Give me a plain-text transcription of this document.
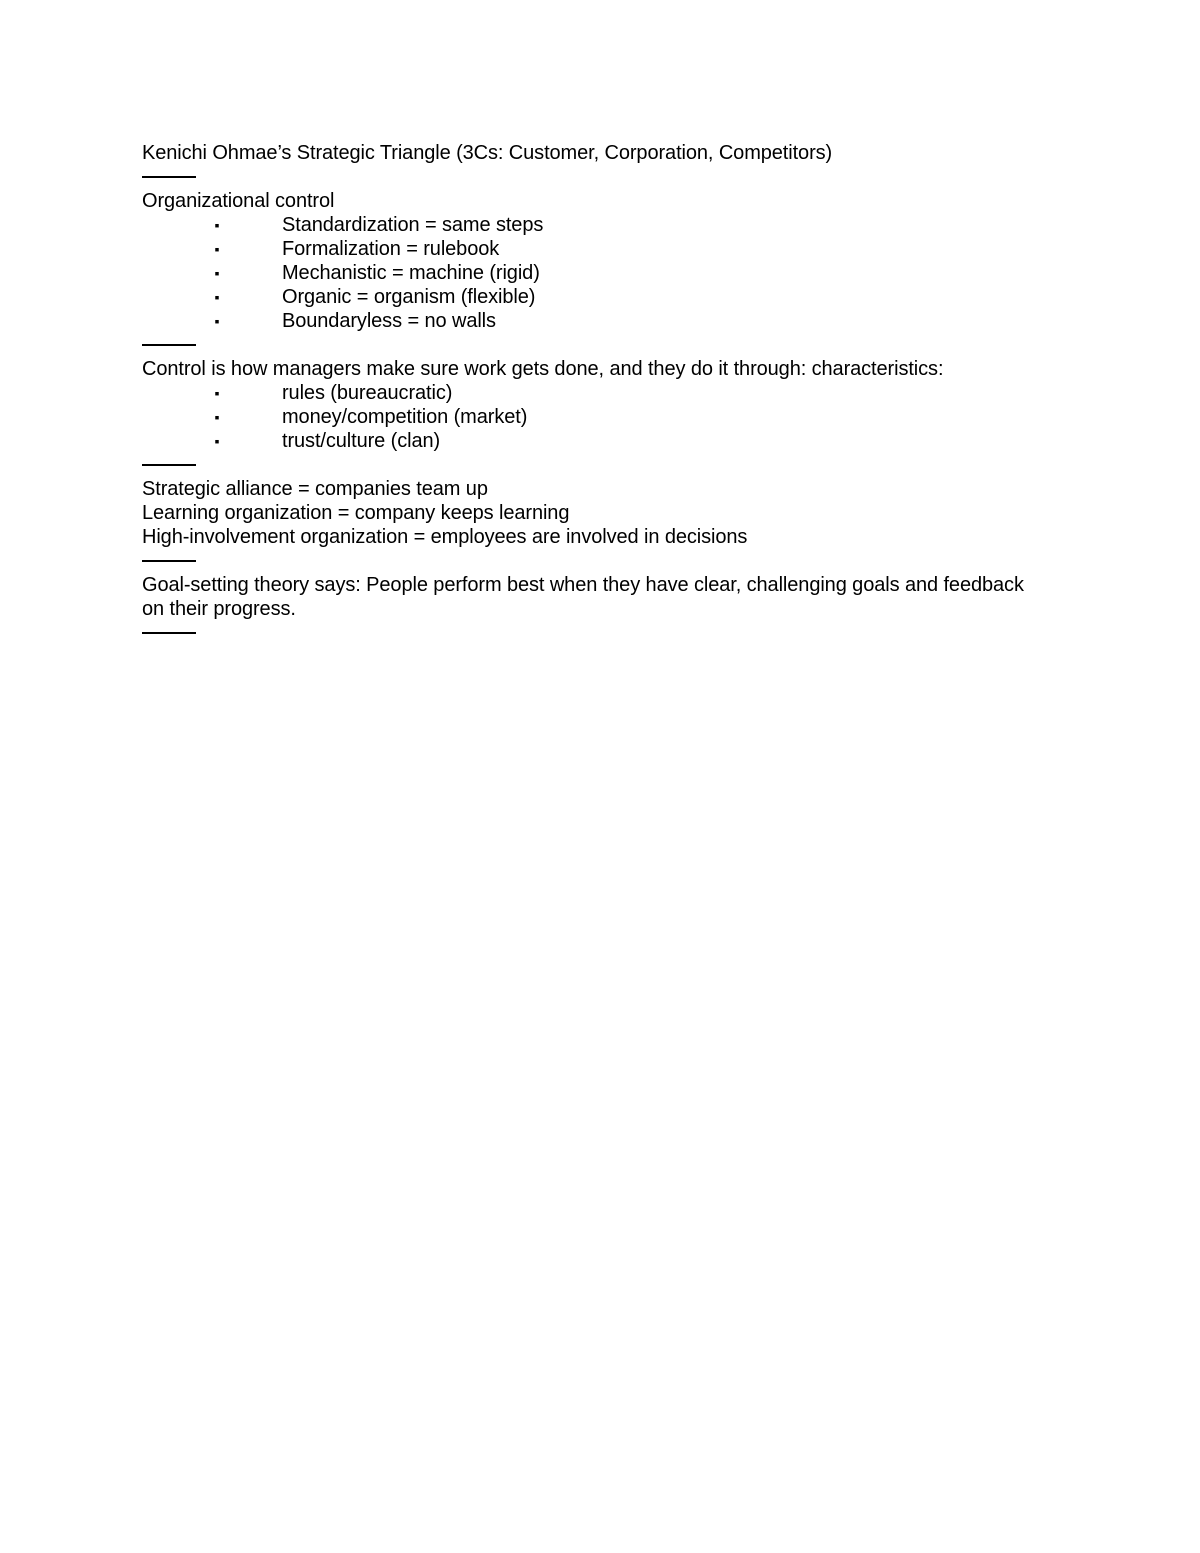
Kenichi Ohmae’s Strategic Triangle (3Cs: Customer, Corporation, Competitors)

Organizational control

▪	Standardization = same steps
▪	Formalization = rulebook
▪	Mechanistic = machine (rigid)
▪	Organic = organism (flexible)
▪	Boundaryless = no walls

Control is how managers make sure work gets done, and they do it through: characteristics:

▪	rules (bureaucratic)
▪	money/competition (market)
▪	trust/culture (clan)

Strategic alliance = companies team up

Learning organization = company keeps learning

High-involvement organization = employees are involved in decisions

Goal-setting theory says: People perform best when they have clear, challenging goals and feedback on their progress.
